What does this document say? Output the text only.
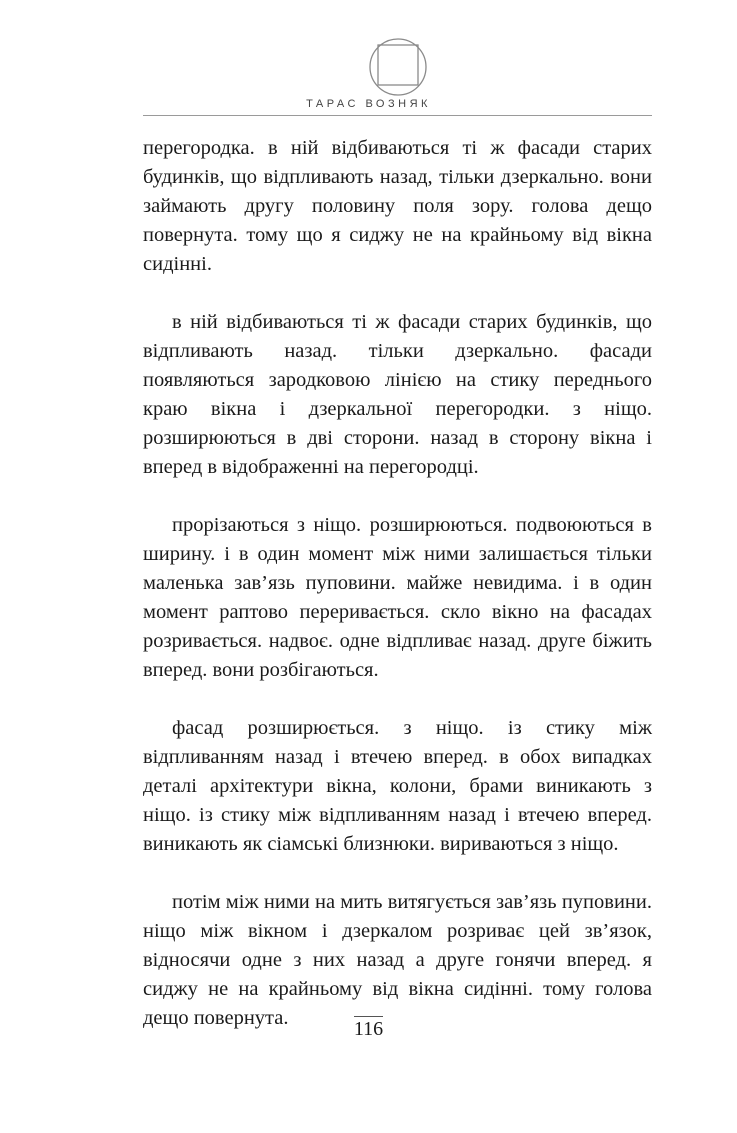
ТАРАС ВОЗНЯК

перегородка. в ній відбиваються ті ж фасади старих будинків, що відпливають назад, тільки дзеркально. вони займають другу половину поля зору. голова дещо повернута. тому що я сиджу не на крайньому від вікна сидінні.

в ній відбиваються ті ж фасади старих будинків, що відпливають назад. тільки дзеркально. фасади появляються зародковою лінією на стику переднього краю вікна і дзеркальної перегородки. з нiщо. розширюються в дві сторони. назад в сторону вікна і вперед в відображенні на перегородці.

прорізаються з нiщо. розширюються. подвоюються в ширину. і в один момент між ними залишається тільки маленька зав’язь пуповини. майже невидима. і в один момент раптово переривається. скло вікно на фасадах розривається. надвоє. одне відпливає назад. друге біжить вперед. вони розбігаються.

фасад розширюється. з нiщо. із стику між відпливанням назад і втечею вперед. в обох випадках деталі архітектури вікна, колони, брами виникають з нiщо. із стику між відпливанням назад і втечею вперед. виникають як сіамські близнюки. вириваються з нiщо.

потім між ними на мить витягується зав’язь пуповини. нiщо між вікном і дзеркалом розриває цей зв’язок, відносячи одне з них назад а друге гонячи вперед. я сиджу не на крайньому від вікна сидінні. тому голова дещо повернута.	116
